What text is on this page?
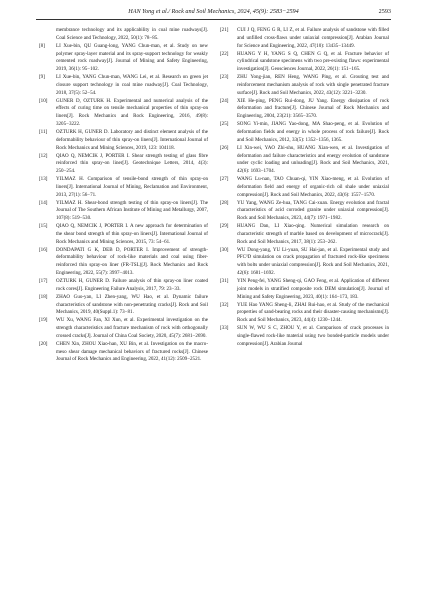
HAN Yong et al./ Rock and Soil Mechanics, 2024, 45(9): 2583−2594	2593

membrance technology and its applicability in coal mine roadways[J]. Coal Science and Technology, 2022, 50(1): 78−85.

[8] LI Xue-bin, QU Guang-long, YANG Chun-man, et al. Study on new polymer spray-layer material and its spray-support technology for weakly cemented rock roadway[J]. Journal of Mining and Safety Engineering, 2019, 36(1): 95−102.

[9] LI Xue-bin, YANG Chun-man, WANG Lei, et al. Research on green jet closure support technology in coal mine roadway[J]. Coal Technology, 2018, 37(5): 52−54.

[10] GUNER D, OZTURK H. Experimental and numerical analysis of the effects of curing time on tensile mechanical properties of thin spray-on liners[J]. Rock Mechanics and Rock Engineering, 2016, 49(8): 3205−3222.

[11] OZTURK H, GUNER D. Laboratory and distinct element analysis of the deformability behaviour of thin spray-on liners[J]. International Journal of Rock Mechanics and Mining Sciences, 2019, 123: 104118.

[12] QIAO Q, NEMCIK J, PORTER I. Shear strength testing of glass fibre reinforced thin spray-on liner[J]. Geotechnique Letters, 2014, 4(3): 250−254.

[13] YILMAZ H. Comparison of tensile-bond strength of thin spray-on liners[J]. International Journal of Mining, Reclamation and Environment, 2013, 27(1): 56−71.

[14] YILMAZ H. Shear-bond strength testing of thin spray-on liners[J]. The Journal of The Southern African Institute of Mining and Metallurgy, 2007, 107(8): 519−530.

[15] QIAO Q, NEMCIK J, PORTER I. A new approach for determination of the shear bond strength of thin spray-on liners[J]. International Journal of Rock Mechanics and Mining Sciences, 2015, 73: 54−61.

[16] DONDAPATI G K, DEB D, PORTER I. Improvement of strength-deformability behaviour of rock-like materials and coal using fiber-reinforced thin spray-on liner (FR-TSL)[J]. Rock Mechanics and Rock Engineering, 2022, 55(7): 3997−4013.

[17] OZTURK H, GUNER D. Failure analysis of thin spray-on liner coated rock cores[J]. Engineering Failure Analysis, 2017, 79: 23−33.

[18] ZHAO Guo-yan, LI Zhen-yang, WU Hao, et al. Dynamic failure characteristics of sandstone with non-penetrating cracks[J]. Rock and Soil Mechanics, 2019, 40(Suppl.1): 73−81.

[19] WU Xu, WANG Fan, XI Xun, et al. Experimental investigation on the strength characteristics and fracture mechanism of rock with orthogonally crossed cracks[J]. Journal of China Coal Society, 2020, 45(7): 2681−2690.

[20] CHEN Xin, ZHOU Xiao-han, XU Bin, et al. Investigation on the macro-meso shear damage mechanical behaviors of fractured rocks[J]. Chinese Journal of Rock Mechanics and Engineering, 2022, 41(12): 2509−2521.

[21] CUI J Q, FENG G R, LI Z, et al. Failure analysis of sandstone with filled and unfilled cross-flaws under uniaxial compression[J]. Arabian Journal for Science and Engineering, 2022, 47(10): 13435−13449.

[22] HUANG Y H, YANG S Q, CHEN G Q, et al. Fracture behavior of cylindrical sandstone specimens with two pre-existing flaws: experimental investigation[J]. Geosciences Journal, 2022, 26(1): 151−165.

[23] ZHU Yong-jian, REN Heng, WANG Ping, et al. Grouting test and reinforcement mechanism analysis of rock with single penetrated fracture surface[J]. Rock and Soil Mechanics, 2022, 43(12): 3221−3230.

[24] XIE He-ping, PENG Rui-dong, JU Yang. Energy dissipation of rock deformation and fracture[J]. Chinese Journal of Rock Mechanics and Engineering, 2004, 23(21): 3565−3570.

[25] SONG Yi-min, JIANG Yao-dong, MA Shao-peng, et al. Evolution of deformation fields and energy in whole process of rock failure[J]. Rock and Soil Mechanics, 2012, 33(5): 1352−1356, 1365.

[26] LI Xin-wei, YAO Zhi-shu, HUANG Xian-wen, et al. Investigation of deformation and failure characteristics and energy evolution of sandstone under cyclic loading and unloading[J]. Rock and Soil Mechanics, 2021, 42(6): 1693−1704.

[27] WANG Lu-nan, TAO Chuan-qi, YIN Xiao-meng, et al. Evolution of deformation field and energy of organic-rich oil shale under uniaxial compression[J]. Rock and Soil Mechanics, 2022, 43(6): 1557−1570.

[28] YU Yang, WANG Ze-hua, TANG Cai-xuan. Energy evolution and fractal characteristics of acid corroded granite under uniaxial compression[J]. Rock and Soil Mechanics, 2023, 44(7): 1971−1982.

[29] HUANG Dan, LI Xiao-qing. Numerical simulation research on characteristic strength of marble based on development of microcrack[J]. Rock and Soil Mechanics, 2017, 38(1): 253−262.

[30] WU Dong-yang, YU Li-yuan, SU Hai-jan, et al. Experimental study and PFC³D simulation on crack propagation of fractured rock-like specimens with bolts under uniaxial compression[J]. Rock and Soil Mechanics, 2021, 42(6): 1681−1692.

[31] YIN Peng-fei, YANG Sheng-qi, GAO Feng, et al. Application of different joint models in stratified composite rock DEM simulation[J]. Journal of Mining and Safety Engineering, 2023, 40(1): 164−173, 183.

[32] YUE Hao YANG Sheng-li, ZHAI Rui-hao, et al. Study of the mechanical properties of sand-bearing rocks and their disaster-causing mechanisms[J]. Rock and Soil Mechanics, 2023, 44(4): 1230−1244.

[33] SUN W, WU S C, ZHOU Y, et al. Comparison of crack processes in single-flawed rock-like material using two bonded-particle models under compression[J]. Arabian Journal
